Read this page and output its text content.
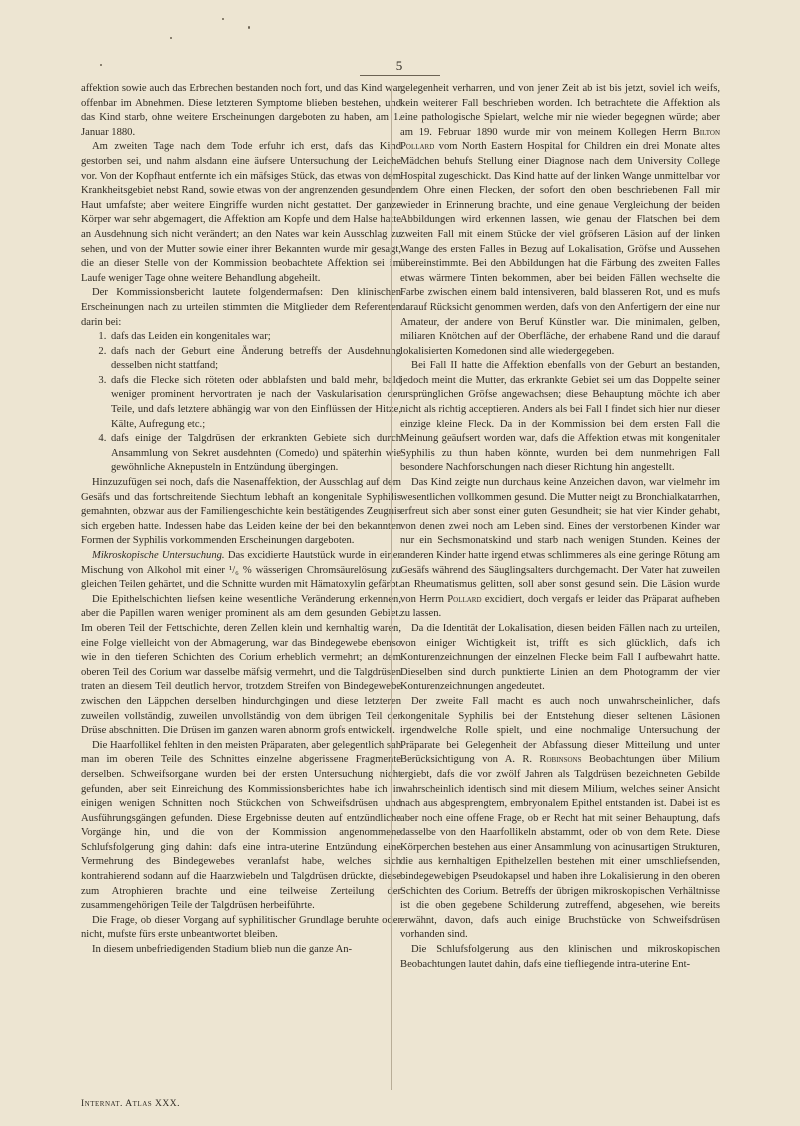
5

affektion sowie auch das Erbrechen bestanden noch fort, und das Kind war offenbar im Abnehmen. Diese letzteren Symptome blieben bestehen, und das Kind starb, ohne weitere Erscheinungen dargeboten zu haben, am 1. Januar 1880.

Am zweiten Tage nach dem Tode erfuhr ich erst, dafs das Kind gestorben sei, und nahm alsdann eine äufsere Untersuchung der Leiche vor. Von der Kopfhaut entfernte ich ein mäfsiges Stück, das etwas von dem Krankheitsgebiet nebst Rand, sowie etwas von der angrenzenden gesunden Haut umfafste; aber weitere Eingriffe wurden nicht gestattet. Der ganze Körper war sehr abgemagert, die Affektion am Kopfe und dem Halse hatte an Ausdehnung sich nicht verändert; an den Nates war kein Ausschlag zu sehen, und von der Mutter sowie einer ihrer Bekannten wurde mir gesagt, die an dieser Stelle von der Kommission beobachtete Affektion sei im Laufe weniger Tage ohne weitere Behandlung abgeheilt.

Der Kommissionsbericht lautete folgendermafsen: Den klinischen Erscheinungen nach zu urteilen stimmten die Mitglieder dem Referenten darin bei:

1. dafs das Leiden ein kongenitales war;
2. dafs nach der Geburt eine Änderung betreffs der Ausdehnung desselben nicht stattfand;
3. dafs die Flecke sich röteten oder abblafsten und bald mehr, bald weniger prominent hervortraten je nach der Vaskularisation der Teile, und dafs letztere abhängig war von den Einflüssen der Hitze, Kälte, Aufregung etc.;
4. dafs einige der Talgdrüsen der erkrankten Gebiete sich durch Ansammlung von Sekret ausdehnten (Comedo) und späterhin wie gewöhnliche Aknepusteln in Entzündung übergingen.

Hinzuzufügen sei noch, dafs die Nasenaffektion, der Ausschlag auf dem Gesäfs und das fortschreitende Siechtum lebhaft an kongenitale Syphilis gemahnten, obzwar aus der Familiengeschichte kein bestätigendes Zeugnis sich ergeben hatte. Indessen habe das Leiden keine der bei den bekannten Formen der Syphilis vorkommenden Erscheinungen dargeboten.

Mikroskopische Untersuchung. Das excidierte Hautstück wurde in einer Mischung von Alkohol mit einer ¹/₆ % wässerigen Chromsäurelösung zu gleichen Teilen gehärtet, und die Schnitte wurden mit Hämatoxylin gefärbt.

Die Epithelschichten liefsen keine wesentliche Veränderung erkennen, aber die Papillen waren weniger prominent als am dem gesunden Gebiet. Im oberen Teil der Fettschichte, deren Zellen klein und kernhaltig waren, eine Folge vielleicht von der Abmagerung, war das Bindegewebe ebenso wie in den tieferen Schichten des Corium erheblich vermehrt; an dem oberen Teil des Corium war dasselbe mäfsig vermehrt, und die Talgdrüsen traten an diesem Teil deutlich hervor, trotzdem Streifen von Bindegewebe zwischen den Läppchen derselben hindurchgingen und diese letzteren zuweilen vollständig, zuweilen unvollständig von dem übrigen Teil der Drüse abschnitten. Die Drüsen im ganzen waren abnorm grofs entwickelt.

Die Haarfollikel fehlten in den meisten Präparaten, aber gelegentlich sah man im oberen Teile des Schnittes einzelne abgerissene Fragmente derselben. Schweifsorgane wurden bei der ersten Untersuchung nicht gefunden, aber seit Einreichung des Kommissionsberichtes habe ich in einigen wenigen Schnitten noch Stückchen von Schweifsdrüsen und Ausführungsgängen gefunden. Diese Ergebnisse deuten auf entzündliche Vorgänge hin, und die von der Kommission angenommene Schlufsfolgerung ging dahin: dafs eine intra-uterine Entzündung eine Vermehrung des Bindegewebes veranlafst habe, welches sich kontrahierend sodann auf die Haarzwiebeln und Talgdrüsen drückte, diese zum Atrophieren brachte und eine teilweise Zerteilung der zusammengehörigen Teile der Talgdrüsen herbeiführte.

Die Frage, ob dieser Vorgang auf syphilitischer Grundlage beruhte oder nicht, mufste fürs erste unbeantwortet bleiben.

In diesem unbefriedigenden Stadium blieb nun die ganze An-

gelegenheit verharren, und von jener Zeit ab ist bis jetzt, soviel ich weifs, kein weiterer Fall beschrieben worden. Ich betrachtete die Affektion als eine pathologische Spielart, welche mir nie wieder begegnen würde; aber am 19. Februar 1890 wurde mir von meinem Kollegen Herrn Bilton Pollard vom North Eastern Hospital for Children ein drei Monate altes Mädchen behufs Stellung einer Diagnose nach dem University College Hospital zugeschickt. Das Kind hatte auf der linken Wange unmittelbar vor dem Ohre einen Flecken, der sofort den oben beschriebenen Fall mir wieder in Erinnerung brachte, und eine genaue Vergleichung der beiden Abbildungen wird erkennen lassen, wie genau der Flatschen bei dem zweiten Fall mit einem Stücke der viel gröfseren Läsion auf der linken Wange des ersten Falles in Bezug auf Lokalisation, Gröfse und Aussehen übereinstimmte. Bei den Abbildungen hat die Färbung des zweiten Falles etwas wärmere Tinten bekommen, aber bei beiden Fällen wechselte die Farbe zwischen einem bald intensiveren, bald blasseren Rot, und es mufs darauf Rücksicht genommen werden, dafs von den Anfertigern der eine nur Amateur, der andere von Beruf Künstler war. Die minimalen, gelben, miliaren Knötchen auf der Oberfläche, der erhabene Rand und die darauf lokalisierten Komedonen sind alle wiedergegeben.

Bei Fall II hatte die Affektion ebenfalls von der Geburt an bestanden, jedoch meint die Mutter, das erkrankte Gebiet sei um das Doppelte seiner ursprünglichen Gröfse angewachsen; diese Behauptung möchte ich aber nicht als richtig acceptieren. Anders als bei Fall I findet sich hier nur dieser einzige kleine Fleck. Da in der Kommission bei dem ersten Fall die Meinung geäufsert worden war, dafs die Affektion etwas mit kongenitaler Syphilis zu thun haben könnte, wurden bei dem nunmehrigen Fall besondere Nachforschungen nach dieser Richtung hin angestellt.

Das Kind zeigte nun durchaus keine Anzeichen davon, war vielmehr im wesentlichen vollkommen gesund. Die Mutter neigt zu Bronchialkatarrhen, erfreut sich aber sonst einer guten Gesundheit; sie hat vier Kinder gehabt, von denen zwei noch am Leben sind. Eines der verstorbenen Kinder war nur ein Sechsmonatskind und starb nach wenigen Stunden. Keines der anderen Kinder hatte irgend etwas schlimmeres als eine geringe Rötung am Gesäfs während des Säuglingsalters durchgemacht. Der Vater hat zuweilen an Rheumatismus gelitten, soll aber sonst gesund sein. Die Läsion wurde von Herrn Pollard excidiert, doch vergafs er leider das Präparat aufheben zu lassen.

Da die Identität der Lokalisation, diesen beiden Fällen nach zu urteilen, von einiger Wichtigkeit ist, trifft es sich glücklich, dafs ich Konturenzeichnungen der einzelnen Flecke beim Fall I aufbewahrt hatte. Dieselben sind durch punktierte Linien an dem Photogramm der vier Konturenzeichnungen angedeutet.

Der zweite Fall macht es auch noch unwahrscheinlicher, dafs kongenitale Syphilis bei der Entstehung dieser seltenen Läsionen irgendwelche Rolle spielt, und eine nochmalige Untersuchung der Präparate bei Gelegenheit der Abfassung dieser Mitteilung und unter Berücksichtigung von A. R. Robinsons Beobachtungen über Milium ergiebt, dafs die vor zwölf Jahren als Talgdrüsen bezeichneten Gebilde wahrscheinlich identisch sind mit diesem Milium, welches seiner Ansicht nach aus abgesprengtem, embryonalem Epithel entstanden ist. Dabei ist es aber noch eine offene Frage, ob er Recht hat mit seiner Behauptung, dafs dasselbe von den Haarfollikeln abstammt, oder ob von dem Rete. Diese Körperchen bestehen aus einer Ansammlung von acinusartigen Strukturen, die aus kernhaltigen Epithelzellen bestehen mit einer umschliefsenden, bindegewebigen Pseudokapsel und haben ihre Lokalisierung in den oberen Schichten des Corium. Betreffs der übrigen mikroskopischen Verhältnisse ist die oben gegebene Schilderung zutreffend, abgesehen, wie bereits erwähnt, davon, dafs auch einige Bruchstücke von Schweifsdrüsen vorhanden sind.

Die Schlufsfolgerung aus den klinischen und mikroskopischen Beobachtungen lautet dahin, dafs eine tiefliegende intra-uterine Ent-

Internat. Atlas XXX.
